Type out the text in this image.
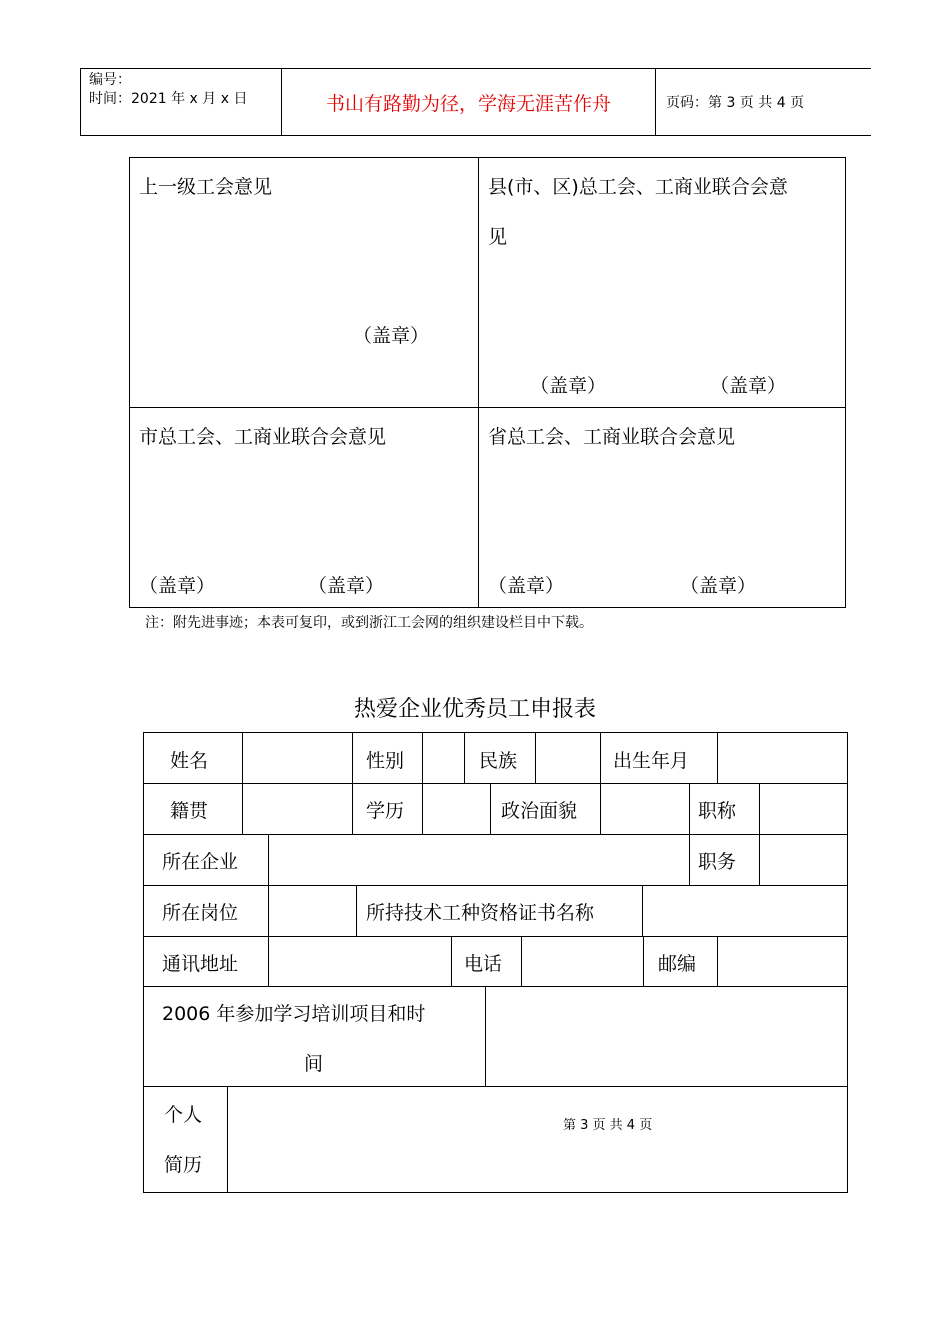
编号：
时间：2021 年 x 月 x 日	书山有路勤为径，学海无涯苦作舟	页码：第 3 页 共 4 页
上一级工会意见
（盖章）
县(市、区)总工会、工商业联合会意
见
（盖章）	（盖章）
市总工会、工商业联合会意见
（盖章）	（盖章）
省总工会、工商业联合会意见
（盖章）	（盖章）
注：附先进事迹；本表可复印，或到浙江工会网的组织建设栏目中下载。
热爱企业优秀员工申报表
姓名	性别	民族	出生年月
籍贯	学历	政治面貌	职称
所在企业	职务
所在岗位	所持技术工种资格证书名称
通讯地址	电话	邮编
2006 年参加学习培训项目和时
间
个人
简历
第 3 页 共 4 页
